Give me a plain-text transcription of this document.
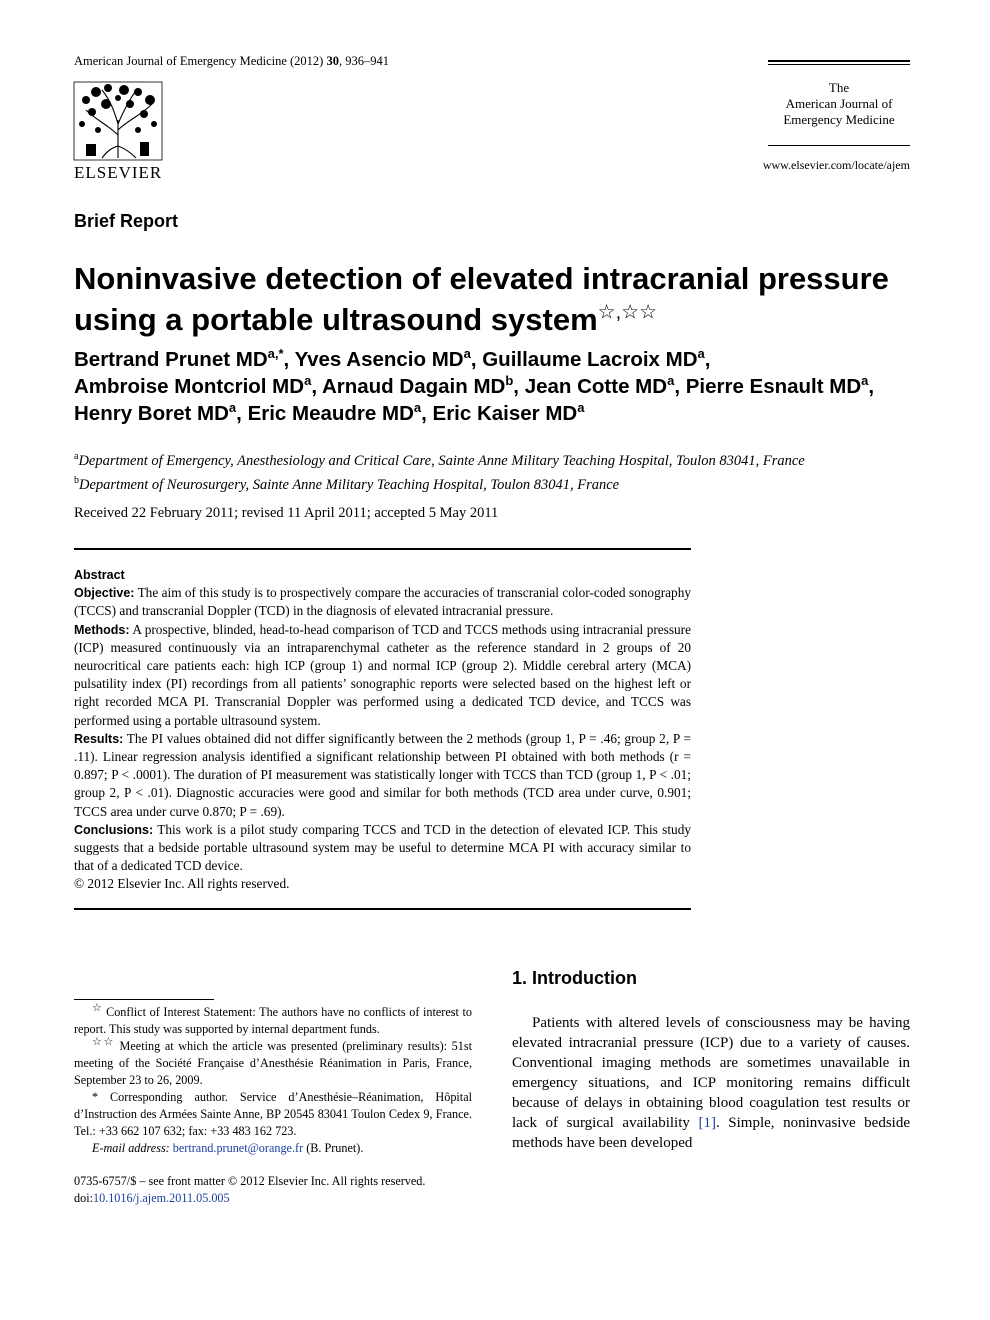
American Journal of Emergency Medicine (2012) 30, 936–941
ELSEVIER
The
American Journal of
Emergency Medicine
www.elsevier.com/locate/ajem
Brief Report
Noninvasive detection of elevated intracranial pressure
using a portable ultrasound system☆,☆☆
Bertrand Prunet $MD^{a,*}$, Yves Asencio $MD^a$, Guillaume Lacroix $MD^a$,
Ambroise Montcriol $MD^a$, Arnaud Dagain $MD^b$, Jean Cotte $MD^a$, Pierre Esnault $MD^a$,
Henry Boret $MD^a$, Eric Meaudre $MD^a$, Eric Kaiser $MD^a$
$^a$Department of Emergency, Anesthesiology and Critical Care, Sainte Anne Military Teaching Hospital, Toulon 83041, France
$^b$Department of Neurosurgery, Sainte Anne Military Teaching Hospital, Toulon 83041, France
Received 22 February 2011; revised 11 April 2011; accepted 5 May 2011
Abstract
Objective: The aim of this study is to prospectively compare the accuracies of transcranial color-coded sonography (TCCS) and transcranial Doppler (TCD) in the diagnosis of elevated intracranial pressure.
Methods: A prospective, blinded, head-to-head comparison of TCD and TCCS methods using intracranial pressure (ICP) measured continuously via an intraparenchymal catheter as the reference standard in 2 groups of 20 neurocritical care patients each: high ICP (group 1) and normal ICP (group 2). Middle cerebral artery (MCA) pulsatility index (PI) recordings from all patients’ sonographic reports were selected based on the highest left or right recorded MCA PI. Transcranial Doppler was performed using a dedicated TCD device, and TCCS was performed using a portable ultrasound system.
Results: The PI values obtained did not differ significantly between the 2 methods (group 1, P = .46; group 2, P = .11). Linear regression analysis identified a significant relationship between PI obtained with both methods (r = 0.897; P < .0001). The duration of PI measurement was statistically longer with TCCS than TCD (group 1, P < .01; group 2, P < .01). Diagnostic accuracies were good and similar for both methods (TCD area under curve, 0.901; TCCS area under curve 0.870; P = .69).
Conclusions: This work is a pilot study comparing TCCS and TCD in the detection of elevated ICP. This study suggests that a bedside portable ultrasound system may be useful to determine MCA PI with accuracy similar to that of a dedicated TCD device.
© 2012 Elsevier Inc. All rights reserved.

☆ Conflict of Interest Statement: The authors have no conflicts of interest to report. This study was supported by internal department funds.

☆☆ Meeting at which the article was presented (preliminary results): 51st meeting of the Société Française d’Anesthésie Réanimation in Paris, France, September 23 to 26, 2009.

* Corresponding author. Service d’Anesthésie–Réanimation, Hôpital d’Instruction des Armées Sainte Anne, BP 20545 83041 Toulon Cedex 9, France. Tel.: +33 662 107 632; fax: +33 483 162 723.

E-mail address: bertrand.prunet@orange.fr (B. Prunet).

0735-6757/$ – see front matter © 2012 Elsevier Inc. All rights reserved.
doi:10.1016/j.ajem.2011.05.005
1. Introduction

Patients with altered levels of consciousness may be having elevated intracranial pressure (ICP) due to a variety of causes. Conventional imaging methods are sometimes unavailable in emergency situations, and ICP monitoring remains difficult because of delays in obtaining blood coagulation test results or lack of surgical availability [1]. Simple, noninvasive bedside methods have been developed
